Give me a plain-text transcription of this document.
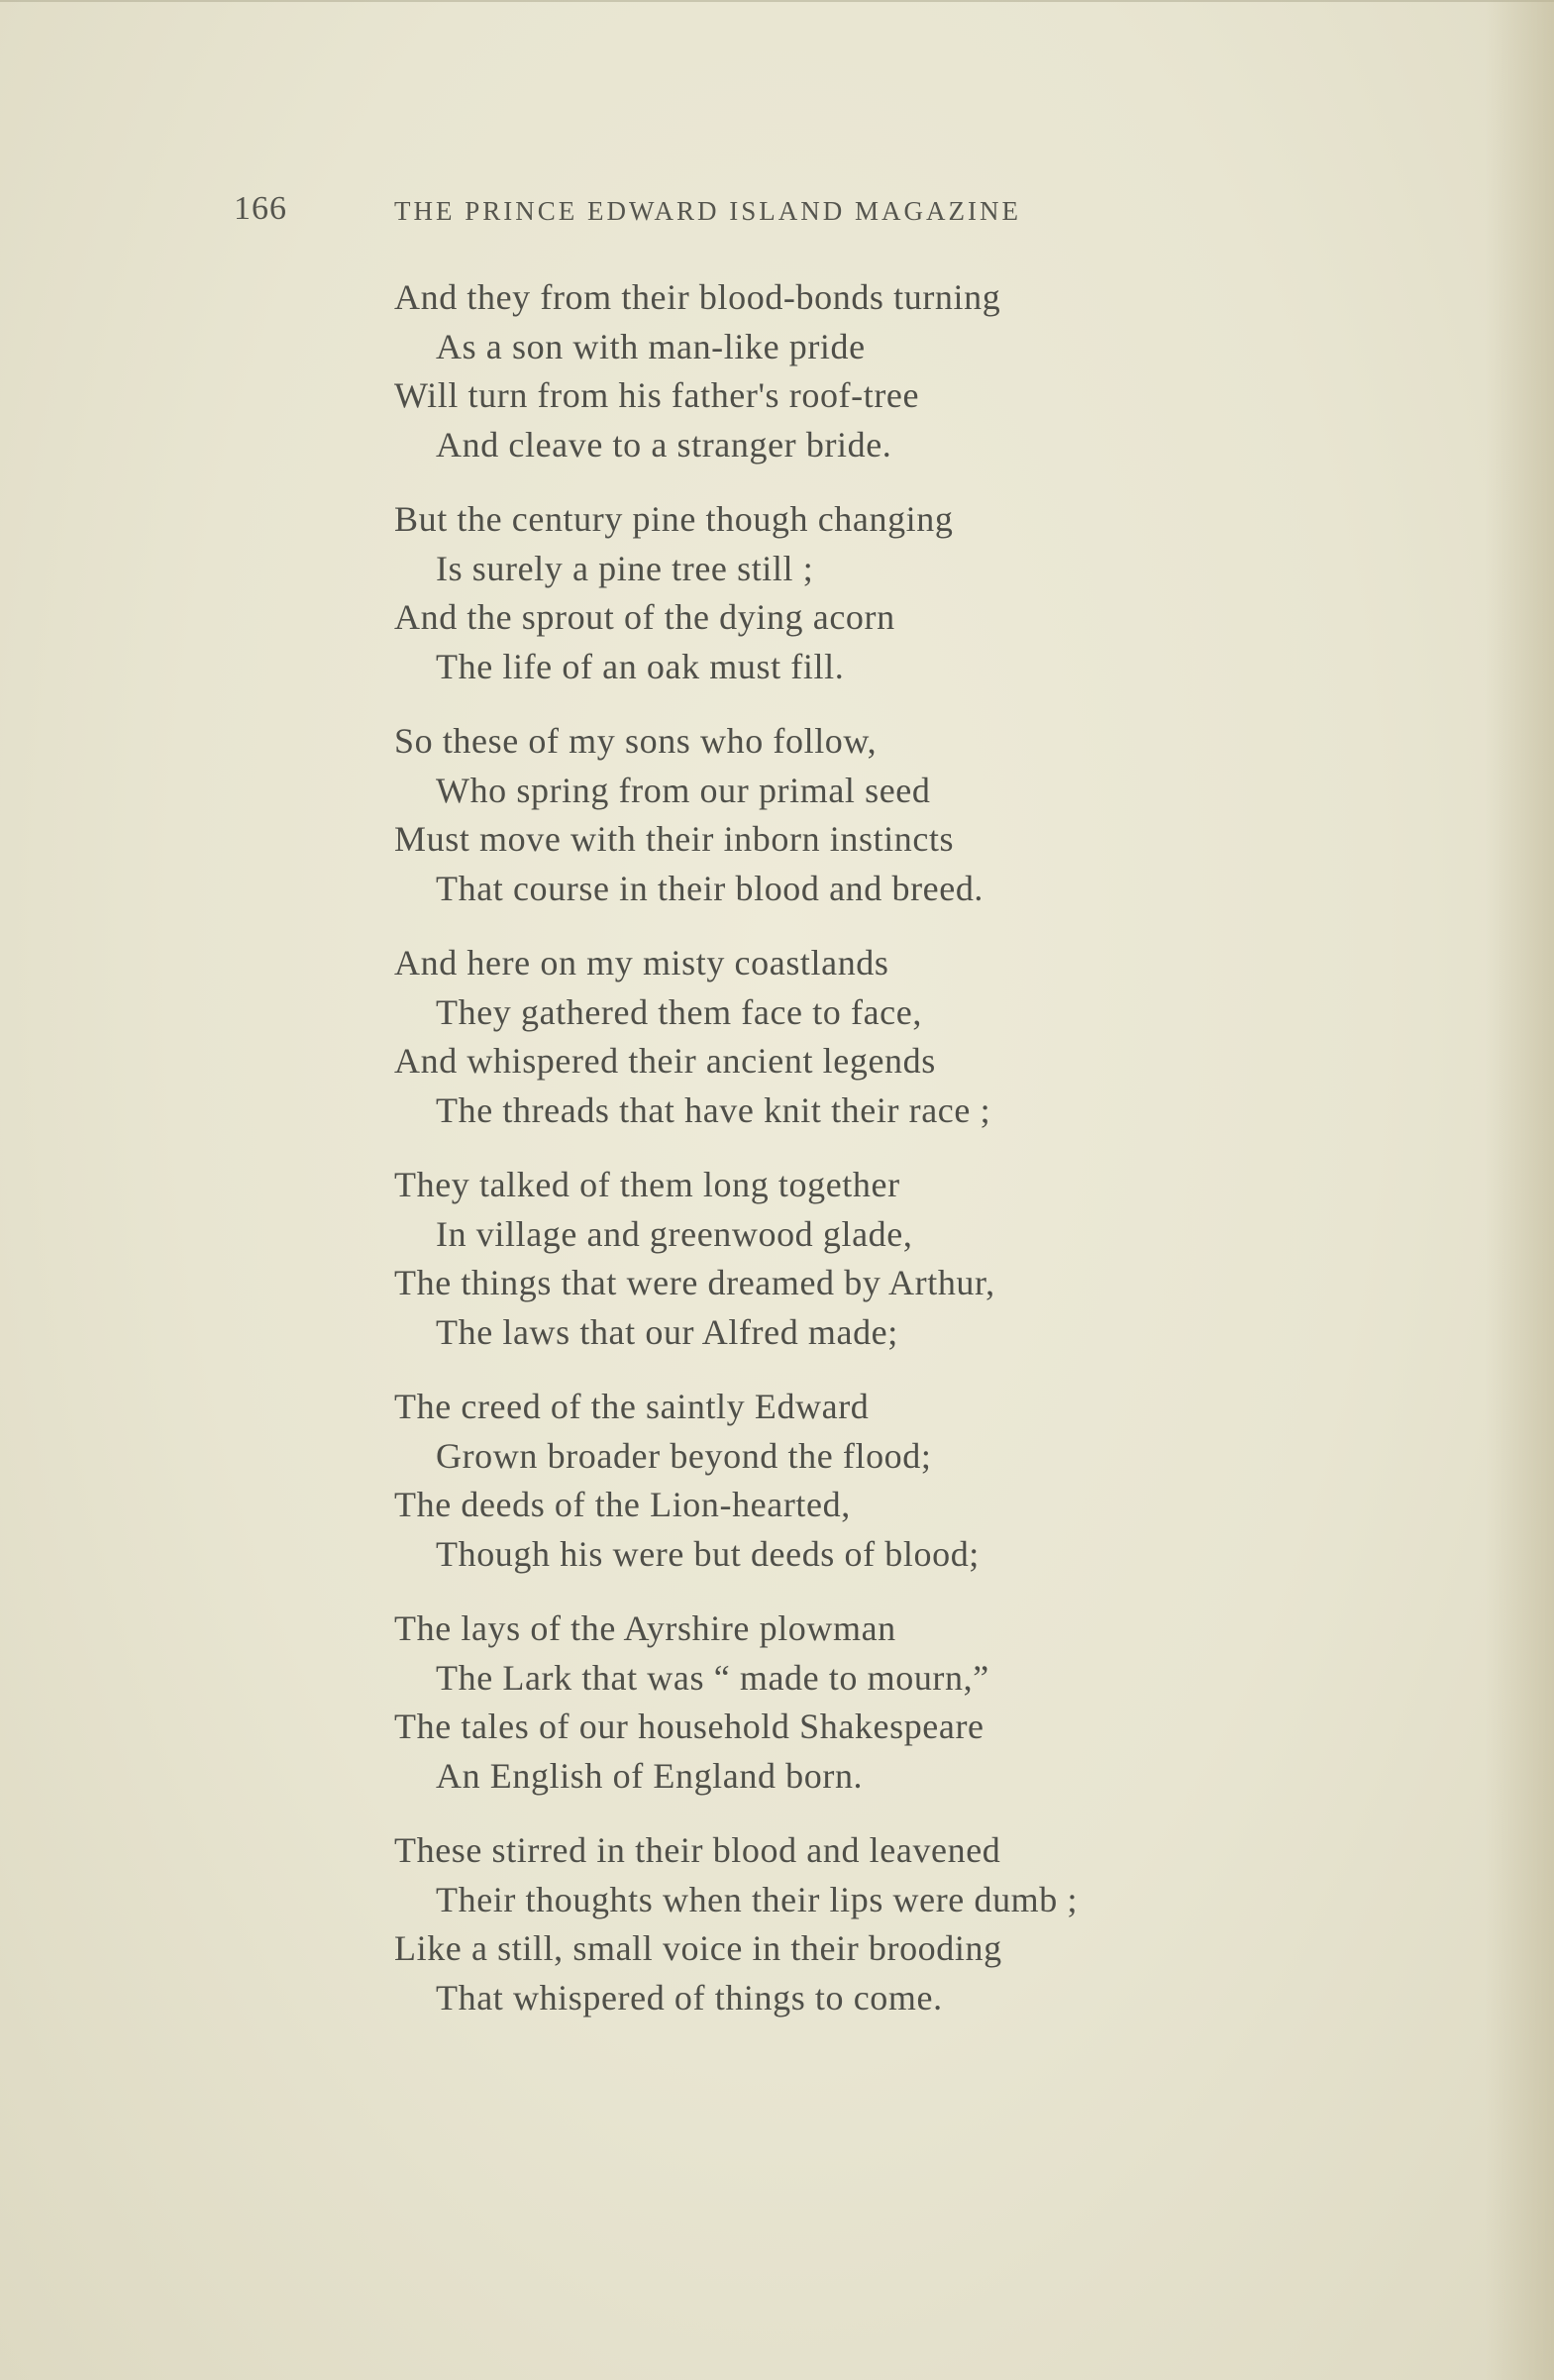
166	THE PRINCE EDWARD ISLAND MAGAZINE
And they from their blood-bonds turning
As a son with man-like pride
Will turn from his father's roof-tree
And cleave to a stranger bride.
But the century pine though changing
Is surely a pine tree still ;
And the sprout of the dying acorn
The life of an oak must fill.
So these of my sons who follow,
Who spring from our primal seed
Must move with their inborn instincts
That course in their blood and breed.
And here on my misty coastlands
They gathered them face to face,
And whispered their ancient legends
The threads that have knit their race ;
They talked of them long together
In village and greenwood glade,
The things that were dreamed by Arthur,
The laws that our Alfred made;
The creed of the saintly Edward
Grown broader beyond the flood;
The deeds of the Lion-hearted,
Though his were but deeds of blood;
The lays of the Ayrshire plowman
The Lark that was “ made to mourn,”
The tales of our household Shakespeare
An English of England born.
These stirred in their blood and leavened
Their thoughts when their lips were dumb ;
Like a still, small voice in their brooding
That whispered of things to come.
